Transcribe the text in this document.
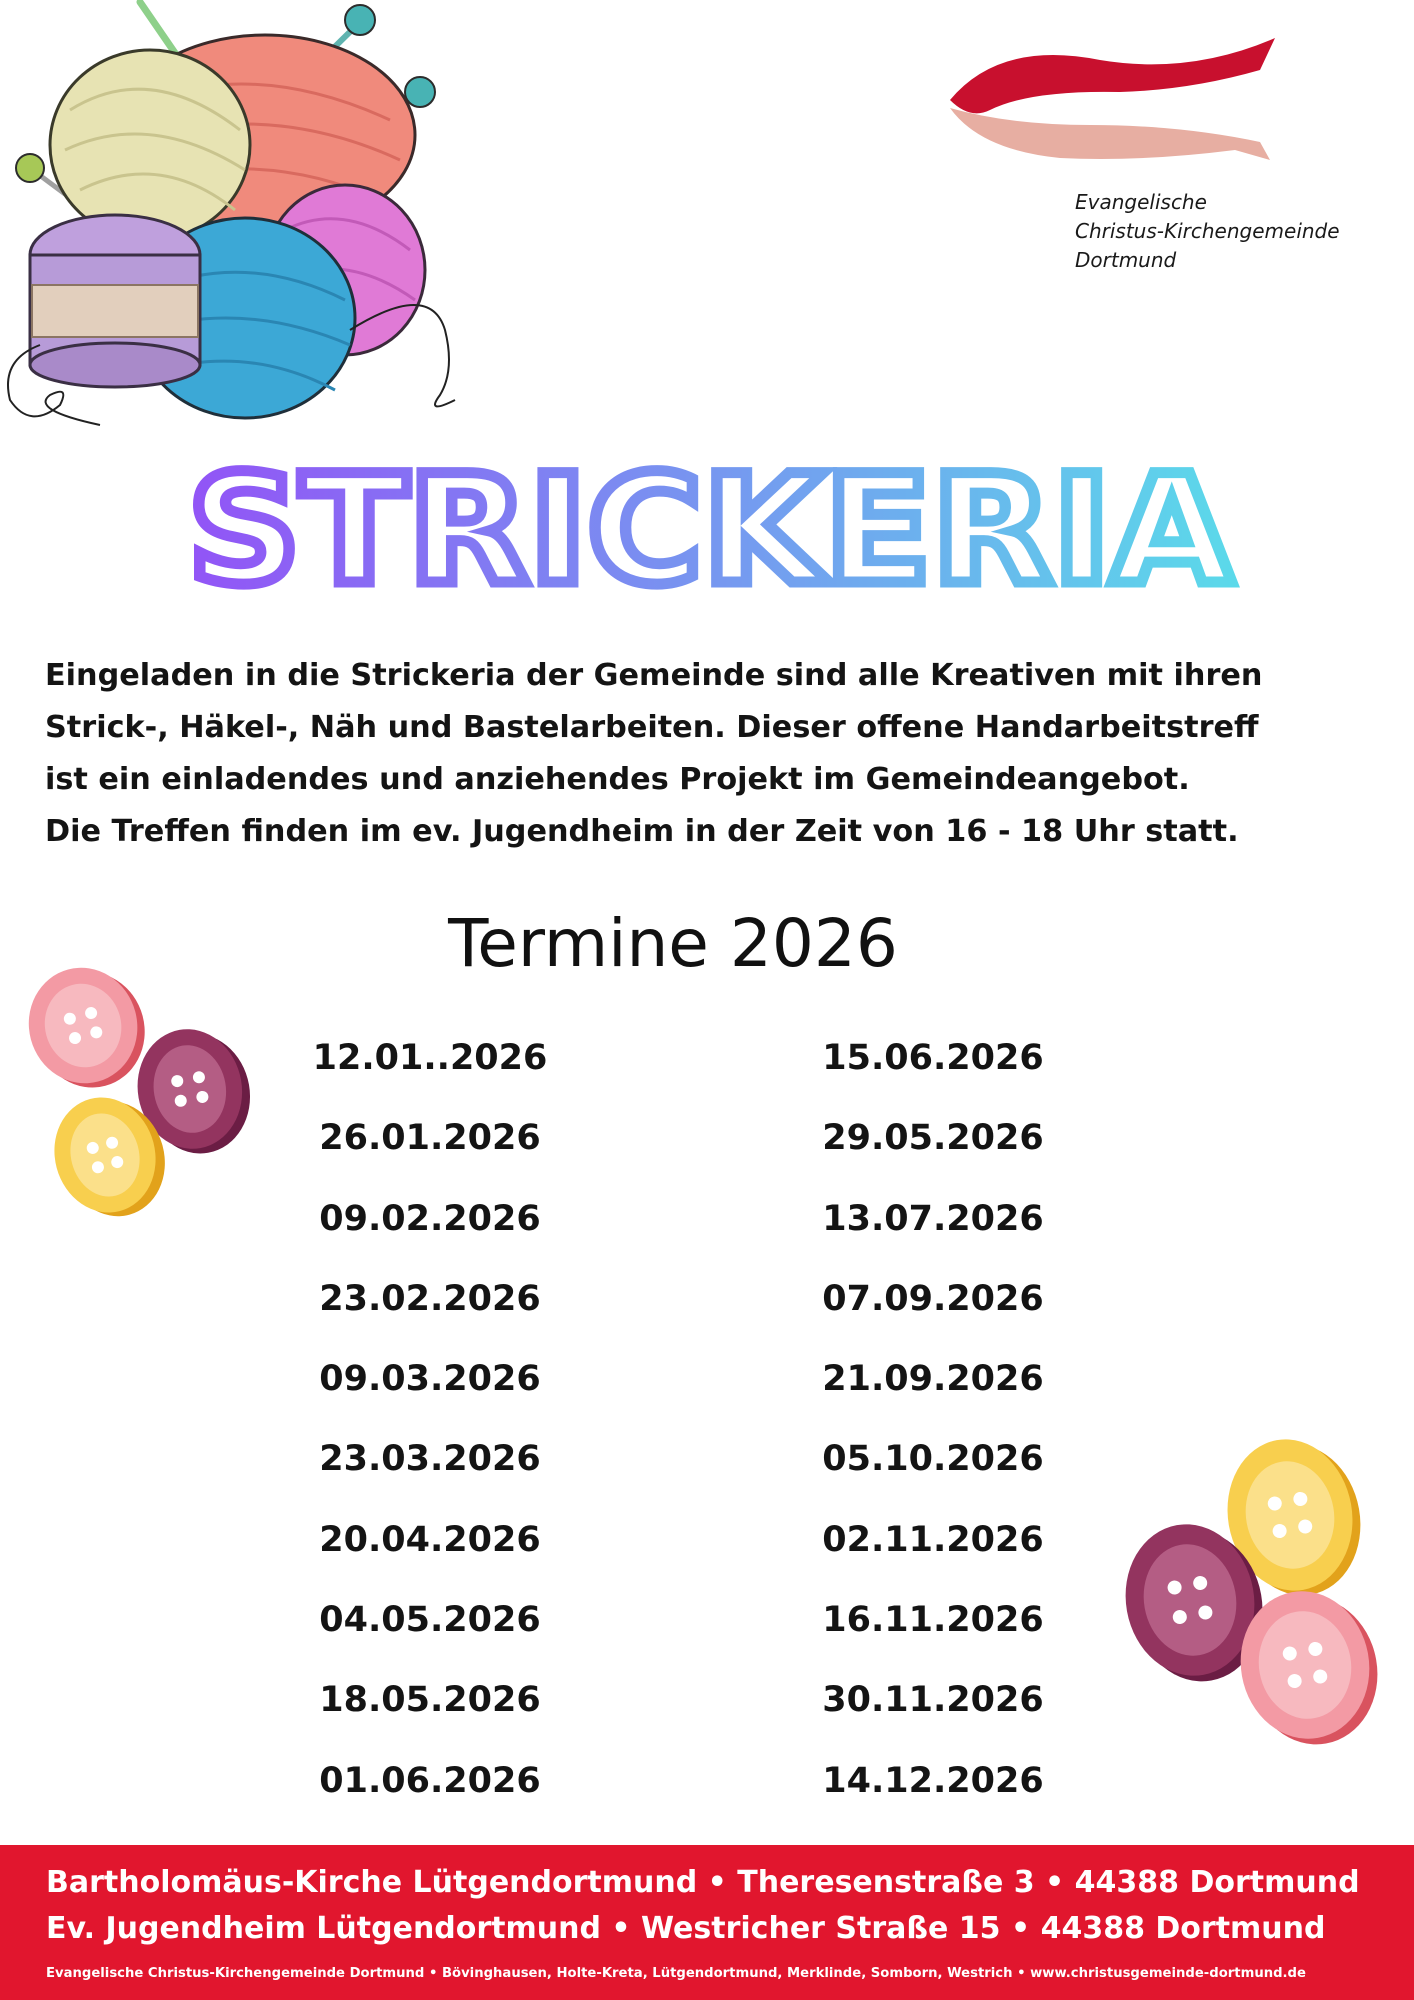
Evangelische
Christus-Kirchengemeinde
Dortmund
STRICKERIA
Eingeladen in die Strickeria der Gemeinde sind alle Kreativen mit ihren
Strick-, Häkel-, Näh und Bastelarbeiten. Dieser offene Handarbeitstreff
ist ein einladendes und anziehendes Projekt im Gemeindeangebot.
Die Treffen finden im ev. Jugendheim in der Zeit von 16 - 18 Uhr statt.
Termine 2026
12.01..2026
26.01.2026
09.02.2026
23.02.2026
09.03.2026
23.03.2026
20.04.2026
04.05.2026
18.05.2026
01.06.2026
15.06.2026
29.05.2026
13.07.2026
07.09.2026
21.09.2026
05.10.2026
02.11.2026
16.11.2026
30.11.2026
14.12.2026
Bartholomäus-Kirche Lütgendortmund • Theresenstraße 3 • 44388 Dortmund
Ev. Jugendheim Lütgendortmund • Westricher Straße 15 • 44388 Dortmund
Evangelische Christus-Kirchengemeinde Dortmund • Bövinghausen, Holte-Kreta, Lütgendortmund, Merklinde, Somborn, Westrich • www.christusgemeinde-dortmund.de
